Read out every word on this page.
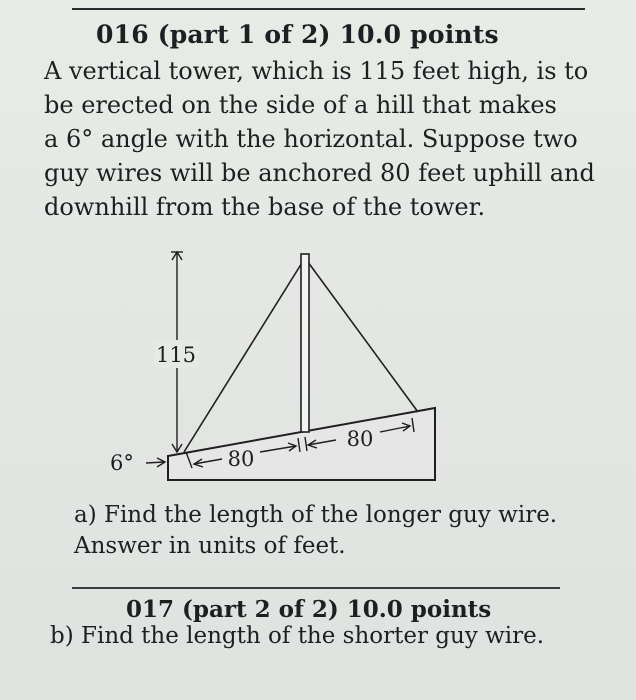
016 (part 1 of 2) 10.0 points
A vertical tower, which is 115 feet high, is to
be erected on the side of a hill that makes
a 6° angle with the horizontal. Suppose two
guy wires will be anchored 80 feet uphill and
downhill from the base of the tower.
115
80
80
6°
a) Find the length of the longer guy wire.
Answer in units of feet.
017 (part 2 of 2) 10.0 points
b) Find the length of the shorter guy wire.
